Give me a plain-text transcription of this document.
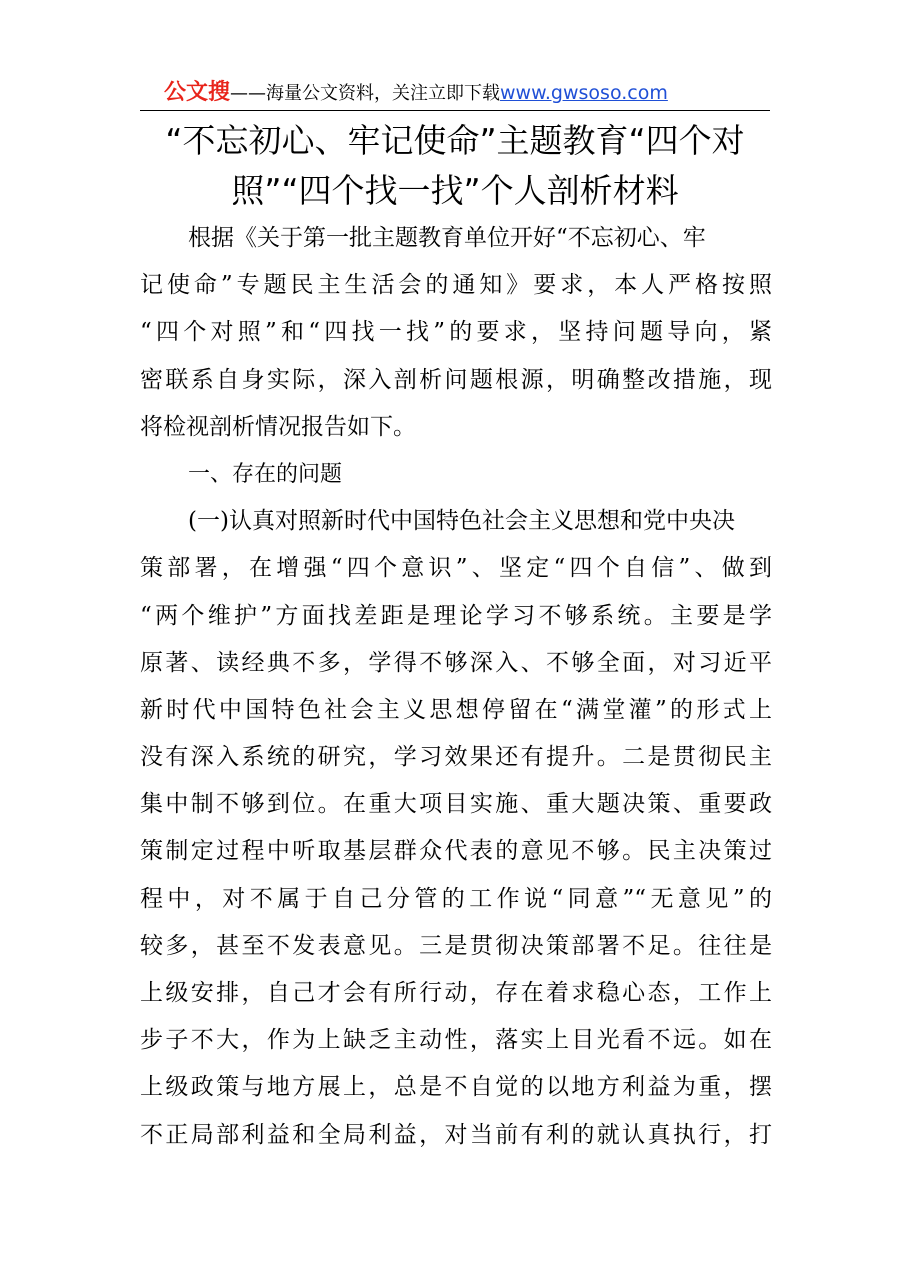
公文搜——海量公文资料，关注立即下载www.gwsoso.com
“不忘初心、牢记使命”主题教育“四个对
照”“四个找一找”个人剖析材料
根据《关于第一批主题教育单位开好“不忘初心、牢
记使命”专题民主生活会的通知》要求，本人严格按照
“四个对照”和“四找一找”的要求，坚持问题导向，紧
密联系自身实际，深入剖析问题根源，明确整改措施，现
将检视剖析情况报告如下。
一、存在的问题
(一)认真对照新时代中国特色社会主义思想和党中央决
策部署，在增强“四个意识”、坚定“四个自信”、做到
“两个维护”方面找差距是理论学习不够系统。主要是学
原著、读经典不多，学得不够深入、不够全面，对习近平
新时代中国特色社会主义思想停留在“满堂灌”的形式上
没有深入系统的研究，学习效果还有提升。二是贯彻民主
集中制不够到位。在重大项目实施、重大题决策、重要政
策制定过程中听取基层群众代表的意见不够。民主决策过
程中，对不属于自己分管的工作说“同意”“无意见”的
较多，甚至不发表意见。三是贯彻决策部署不足。往往是
上级安排，自己才会有所行动，存在着求稳心态，工作上
步子不大，作为上缺乏主动性，落实上目光看不远。如在
上级政策与地方展上，总是不自觉的以地方利益为重，摆
不正局部利益和全局利益，对当前有利的就认真执行，打
